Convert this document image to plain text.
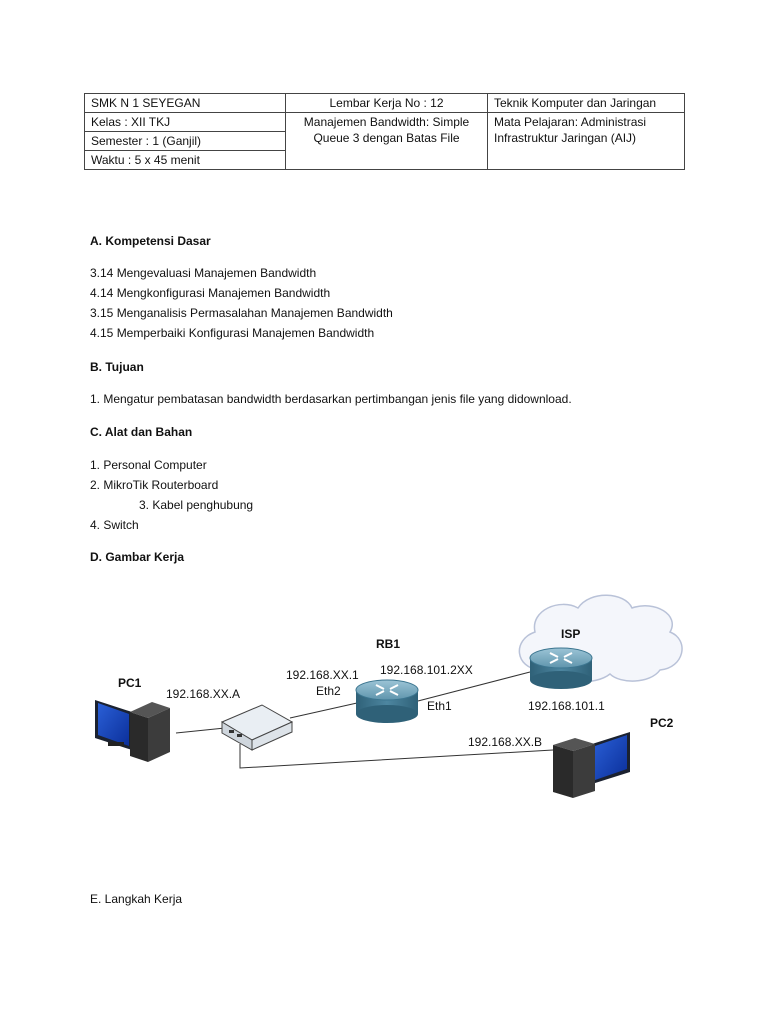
SMK N 1 SEYEGAN	Lembar Kerja No : 12	Teknik Komputer dan Jaringan
Kelas : XII TKJ	Manajemen Bandwidth: Simple Queue 3 dengan Batas File	Mata Pelajaran: Administrasi Infrastruktur Jaringan (AIJ)
Semester : 1 (Ganjil)		
Waktu : 5 x 45 menit		
A. Kompetensi Dasar
3.14 Mengevaluasi Manajemen Bandwidth
4.14 Mengkonfigurasi Manajemen Bandwidth
3.15 Menganalisis Permasalahan Manajemen Bandwidth
4.15 Memperbaiki Konfigurasi Manajemen Bandwidth
B. Tujuan
1. Mengatur pembatasan bandwidth berdasarkan pertimbangan jenis file yang didownload.
C. Alat dan Bahan
1. Personal Computer
2. MikroTik Routerboard
3. Kabel penghubung
4. Switch
D. Gambar Kerja
PC1
192.168.XX.A
RB1
192.168.XX.1
Eth2
192.168.101.2XX
Eth1
ISP
192.168.101.1
PC2
192.168.XX.B
E. Langkah Kerja
